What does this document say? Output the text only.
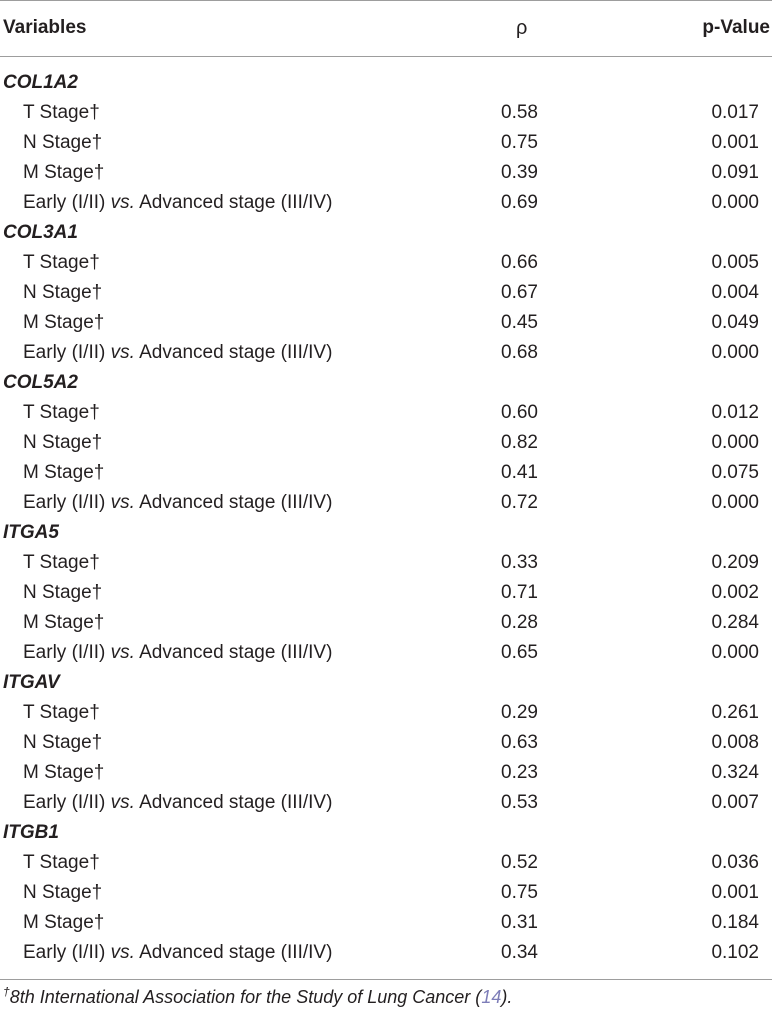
Variables	ρ	p-Value
COL1A2
T Stage†	0.58	0.017
N Stage†	0.75	0.001
M Stage†	0.39	0.091
Early (I/II) vs. Advanced stage (III/IV)	0.69	0.000
COL3A1
T Stage†	0.66	0.005
N Stage†	0.67	0.004
M Stage†	0.45	0.049
Early (I/II) vs. Advanced stage (III/IV)	0.68	0.000
COL5A2
T Stage†	0.60	0.012
N Stage†	0.82	0.000
M Stage†	0.41	0.075
Early (I/II) vs. Advanced stage (III/IV)	0.72	0.000
ITGA5
T Stage†	0.33	0.209
N Stage†	0.71	0.002
M Stage†	0.28	0.284
Early (I/II) vs. Advanced stage (III/IV)	0.65	0.000
ITGAV
T Stage†	0.29	0.261
N Stage†	0.63	0.008
M Stage†	0.23	0.324
Early (I/II) vs. Advanced stage (III/IV)	0.53	0.007
ITGB1
T Stage†	0.52	0.036
N Stage†	0.75	0.001
M Stage†	0.31	0.184
Early (I/II) vs. Advanced stage (III/IV)	0.34	0.102
†8th International Association for the Study of Lung Cancer (14).
